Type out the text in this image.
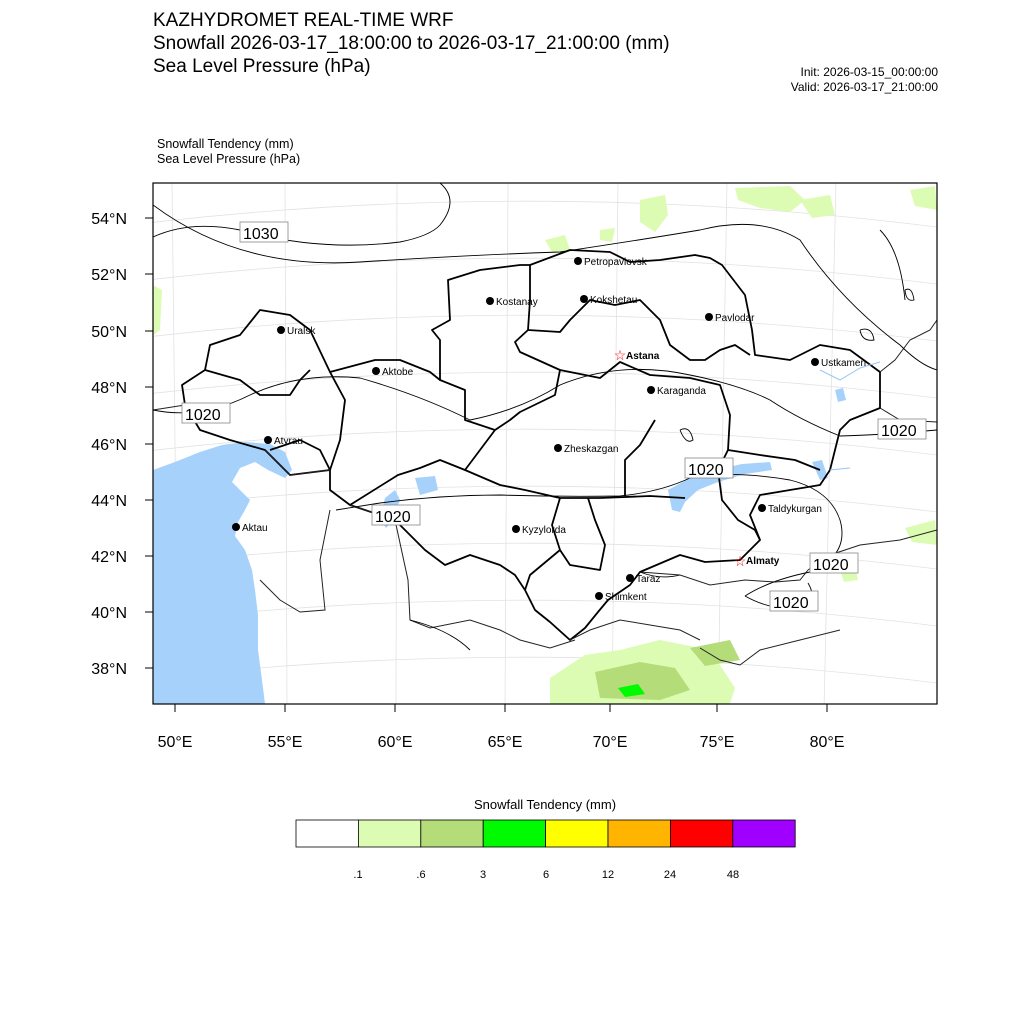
KAZHYDROMET REAL-TIME WRF
Snowfall 2026-03-17_18:00:00 to 2026-03-17_21:00:00 (mm)
Sea Level Pressure (hPa)	Init: 2026-03-15_00:00:00
Valid: 2026-03-17_21:00:00
Snowfall Tendency (mm)
Sea Level Pressure (hPa)
54°N
52°N
50°N
48°N
46°N
44°N
42°N
40°N
38°N
50°E	55°E	60°E	65°E	70°E	75°E	80°E
1030
1020
1020
1020
1020
1020
1020
Petropavlovsk
Kostanay	Kokshetau
Pavlodar
Uralsk
Aktobe
☆ Astana
Ustkamen
Karaganda
Atyrau
Zheskazgan
Aktau	Kyzylorda
Taldykurgan
☆ Almaty
Taraz
Shimkent
Snowfall Tendency (mm)
.1	.6	3	6	12	24	48
